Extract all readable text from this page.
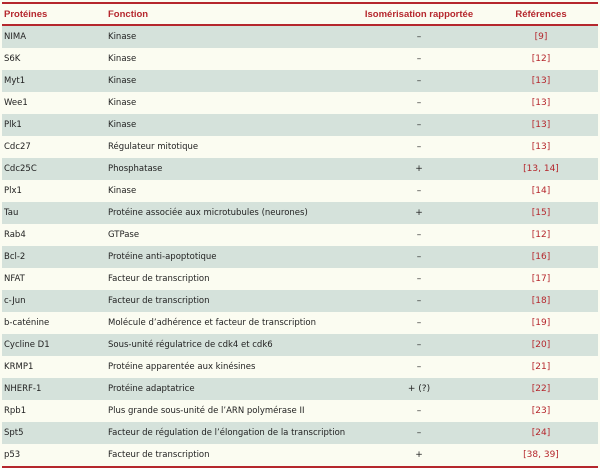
Protéines	Fonction	Isomérisation rapportée	Références
NIMA	Kinase	–	[9]
S6K	Kinase	–	[12]
Myt1	Kinase	–	[13]
Wee1	Kinase	–	[13]
Plk1	Kinase	–	[13]
Cdc27	Régulateur mitotique	–	[13]
Cdc25C	Phosphatase	+	[13, 14]
Plx1	Kinase	–	[14]
Tau	Protéine associée aux microtubules (neurones)	+	[15]
Rab4	GTPase	–	[12]
Bcl-2	Protéine anti-apoptotique	–	[16]
NFAT	Facteur de transcription	–	[17]
c-Jun	Facteur de transcription	–	[18]
b-caténine	Molécule d’adhérence et facteur de transcription	–	[19]
Cycline D1	Sous-unité régulatrice de cdk4 et cdk6	–	[20]
KRMP1	Protéine apparentée aux kinésines	–	[21]
NHERF-1	Protéine adaptatrice	+ (?)	[22]
Rpb1	Plus grande sous-unité de l’ARN polymérase II	–	[23]
Spt5	Facteur de régulation de l’élongation de la transcription	–	[24]
p53	Facteur de transcription	+	[38, 39]
